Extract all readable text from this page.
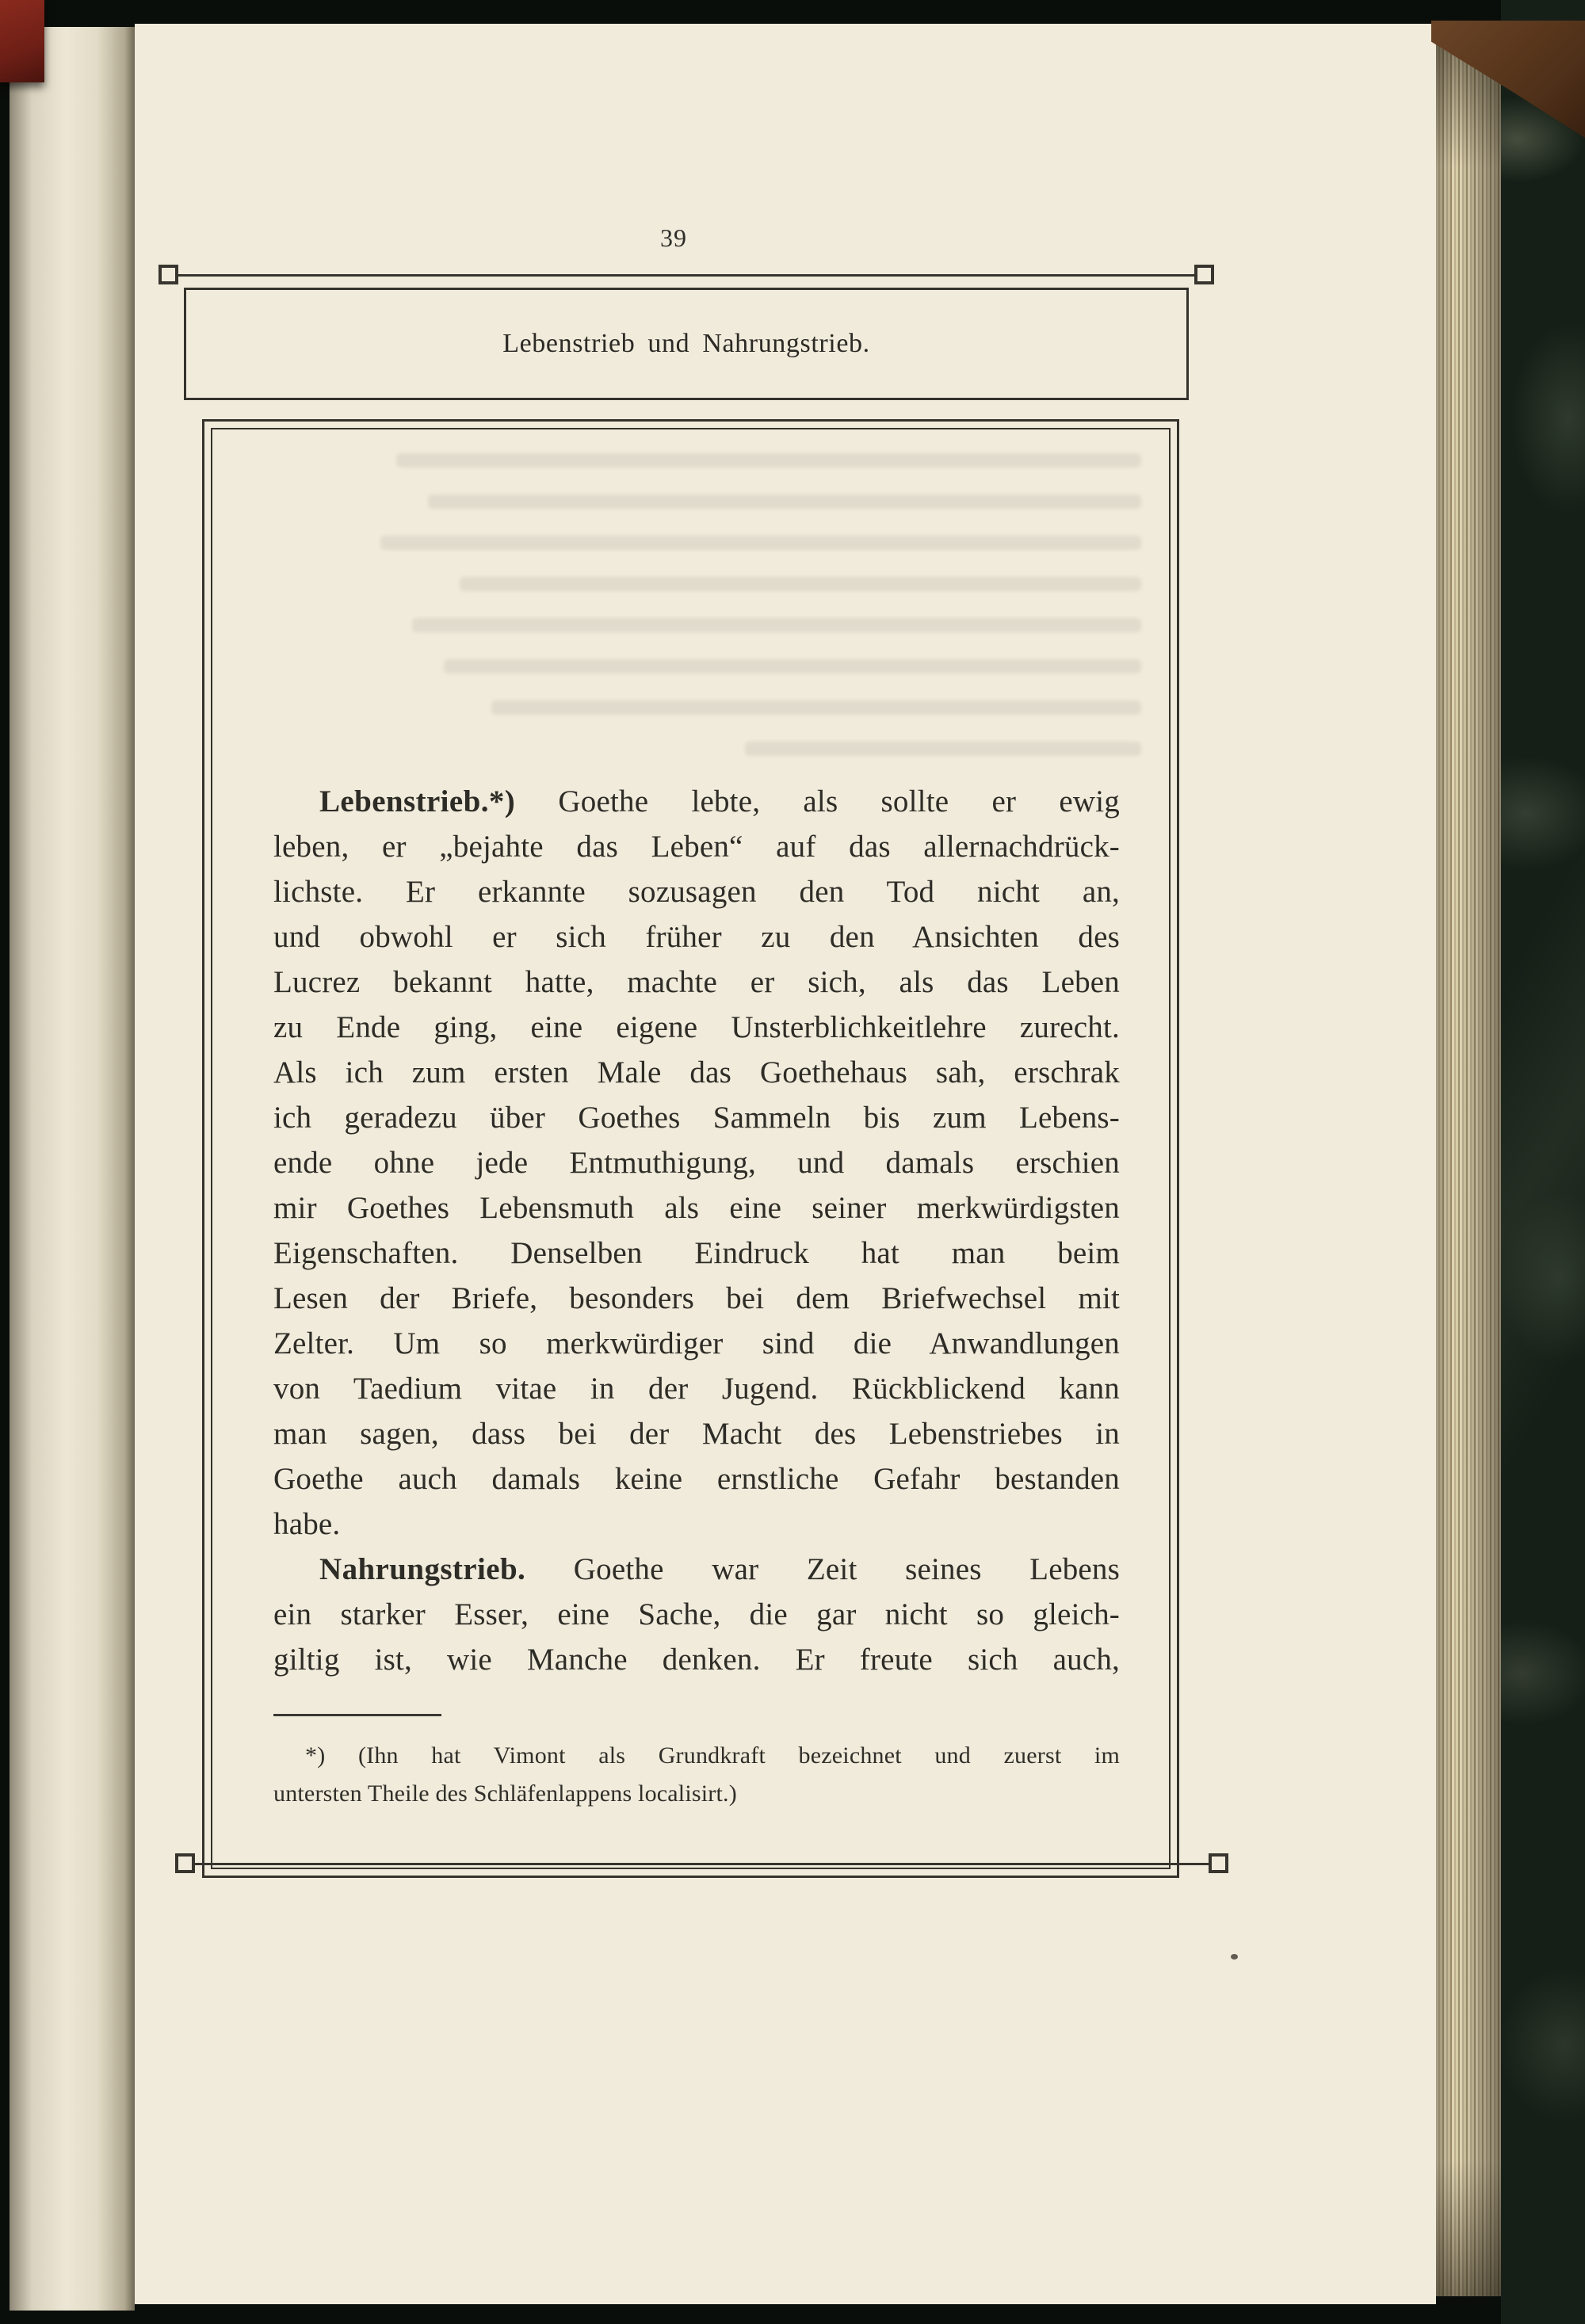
39
Lebenstrieb und Nahrungstrieb.
Lebenstrieb.*) Goethe lebte, als sollte er ewig
leben, er „bejahte das Leben“ auf das allernachdrück-
lichste. Er erkannte sozusagen den Tod nicht an,
und obwohl er sich früher zu den Ansichten des
Lucrez bekannt hatte, machte er sich, als das Leben
zu Ende ging, eine eigene Unsterblichkeitlehre zurecht.
Als ich zum ersten Male das Goethehaus sah, erschrak
ich geradezu über Goethes Sammeln bis zum Lebens-
ende ohne jede Entmuthigung, und damals erschien
mir Goethes Lebensmuth als eine seiner merkwürdigsten
Eigenschaften. Denselben Eindruck hat man beim
Lesen der Briefe, besonders bei dem Briefwechsel mit
Zelter. Um so merkwürdiger sind die Anwandlungen
von Taedium vitae in der Jugend. Rückblickend kann
man sagen, dass bei der Macht des Lebenstriebes in
Goethe auch damals keine ernstliche Gefahr bestanden
habe.
Nahrungstrieb. Goethe war Zeit seines Lebens
ein starker Esser, eine Sache, die gar nicht so gleich-
giltig ist, wie Manche denken. Er freute sich auch,
*) (Ihn hat Vimont als Grundkraft bezeichnet und zuerst im
untersten Theile des Schläfenlappens localisirt.)
